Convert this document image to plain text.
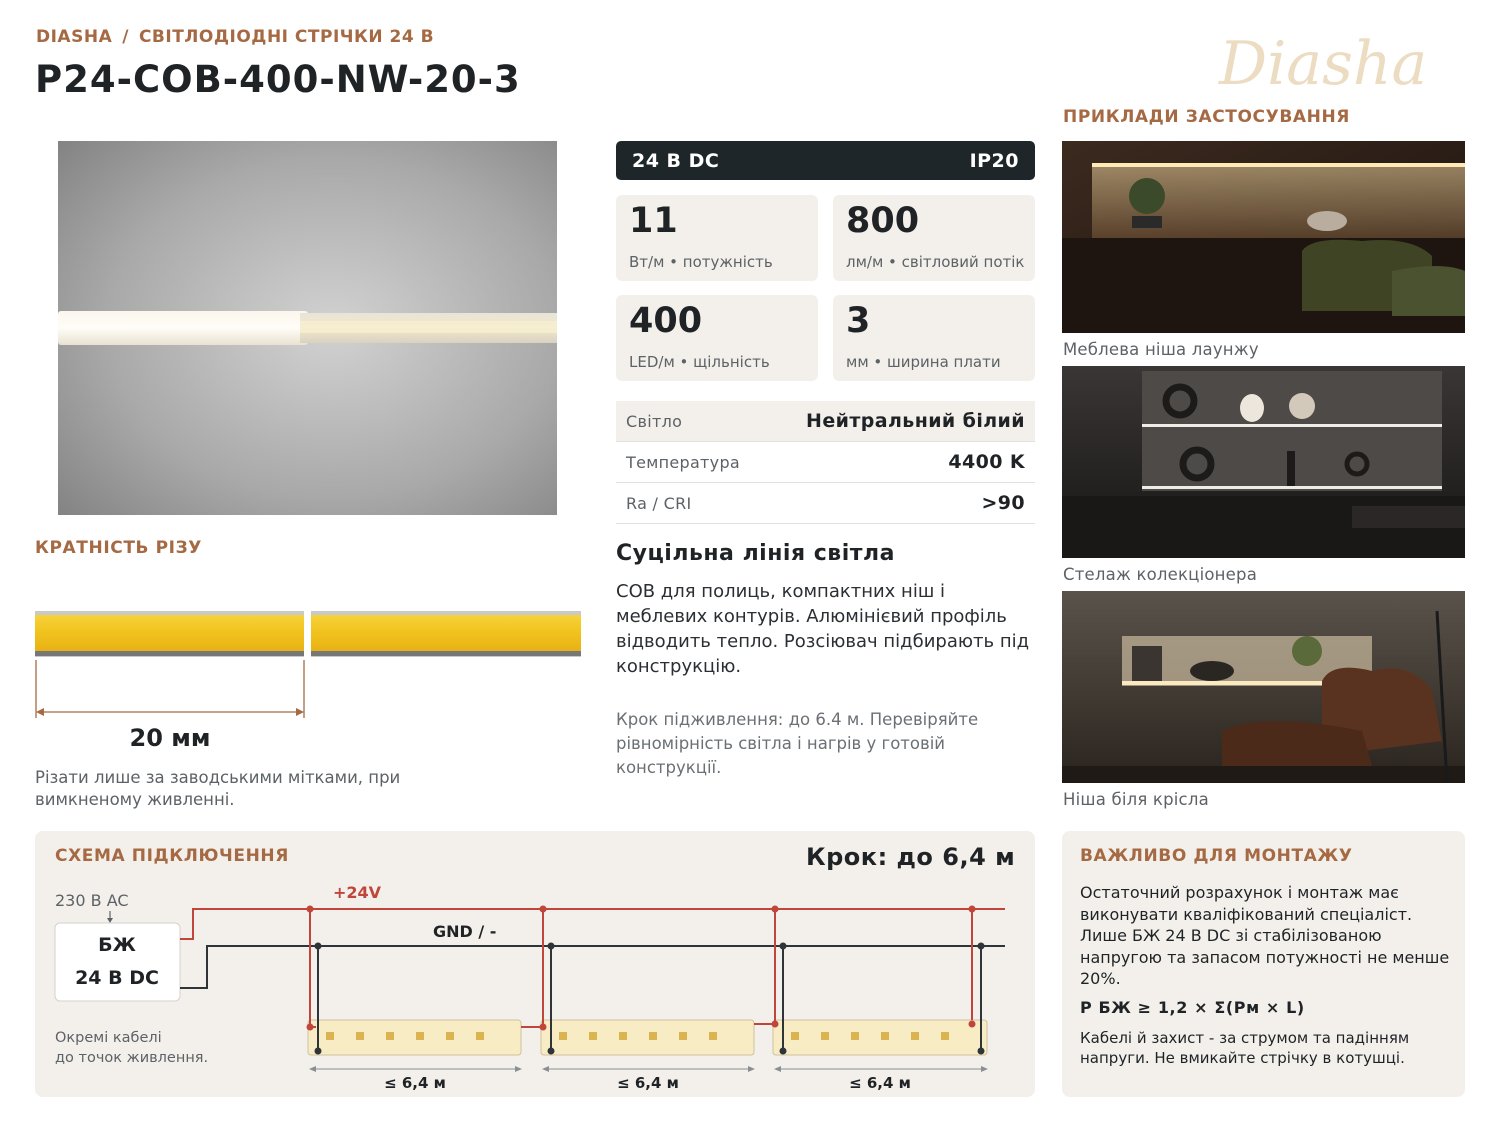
DIASHA / СВІТЛОДІОДНІ СТРІЧКИ 24 В
P24-COB-400-NW-20-3	Diasha
КРАТНІСТЬ РІЗУ
20 мм
Різати лише за заводськими мітками, при вимкненому живленні.
24 В DC	IP20
11
Вт/м • потужність
800
лм/м • світловий потік
400
LED/м • щільність
3
мм • ширина плати
Світло	Нейтральний білий
Температура	4400 K
Ra / CRI	>90
Суцільна лінія світла
COB для полиць, компактних ніш і меблевих контурів. Алюмінієвий профіль відводить тепло. Розсіювач підбирають під конструкцію.
Крок підживлення: до 6.4 м. Перевіряйте рівномірність світла і нагрів у готовій конструкції.
ПРИКЛАДИ ЗАСТОСУВАННЯ
Меблева ніша лаунжу
Стелаж колекціонера
Ніша біля крісла
230 В AC
БЖ
24 В DC
Окремі кабелі
до точок живлення.
+24V
GND / -
≤ 6,4 м	≤ 6,4 м	≤ 6,4 м
СХЕМА ПІДКЛЮЧЕННЯ	Крок: до 6,4 м	ВАЖЛИВО ДЛЯ МОНТАЖУ
Остаточний розрахунок і монтаж має виконувати кваліфікований спеціаліст. Лише БЖ 24 В DC зі стабілізованою напругою та запасом потужності не менше 20%.
P БЖ ≥ 1,2 × Σ(Pм × L)
Кабелі й захист - за струмом та падінням напруги. Не вмикайте стрічку в котушці.
